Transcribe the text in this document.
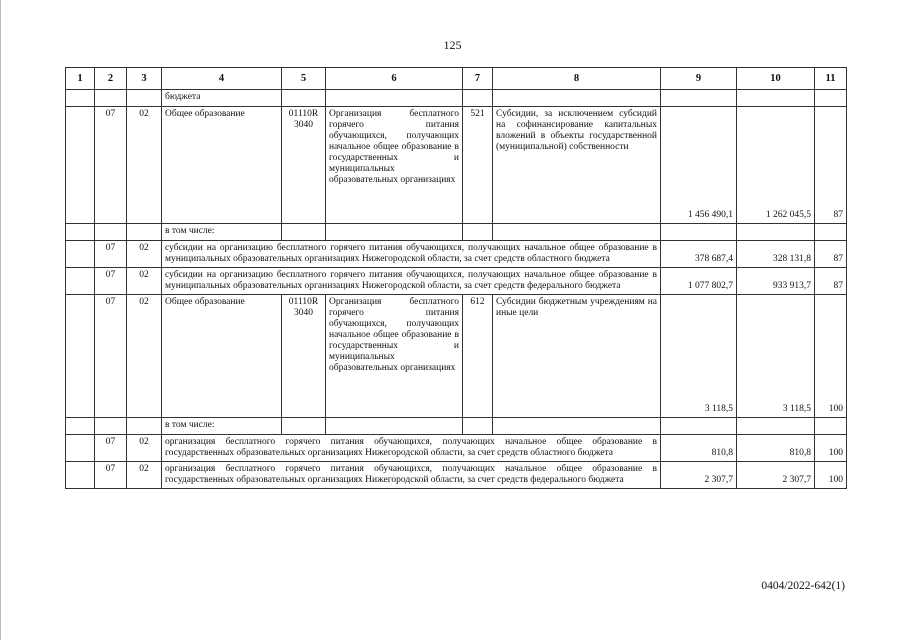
125
1	2	3	4	5	6	7	8	9	10	11
			бюджета							
	07	02	Общее образование	01110R 3040	Организация бесплатного горячего питания обучающихся, получающих начальное общее образование в государственных и муниципальных образовательных организациях	521	Субсидии, за исключением субсидий на софинансирование капитальных вложений в объекты государственной (муниципальной) собственности	1 456 490,1	1 262 045,5	87
			в том числе:							
	07	02	субсидии на организацию бесплатного горячего питания обучающихся, получающих начальное общее образование в муниципальных образовательных организациях Нижегородской области, за счет средств областного бюджета					378 687,4	328 131,8	87
	07	02	субсидии на организацию бесплатного горячего питания обучающихся, получающих начальное общее образование в муниципальных образовательных организациях Нижегородской области, за счет средств федерального бюджета					1 077 802,7	933 913,7	87
	07	02	Общее образование	01110R 3040	Организация бесплатного горячего питания обучающихся, получающих начальное общее образование в государственных и муниципальных образовательных организациях	612	Субсидии бюджетным учреждениям на иные цели	3 118,5	3 118,5	100
			в том числе:							
	07	02	организация бесплатного горячего питания обучающихся, получающих начальное общее образование в государственных образовательных организациях Нижегородской области, за счет средств областного бюджета					810,8	810,8	100
	07	02	организация бесплатного горячего питания обучающихся, получающих начальное общее образование в государственных образовательных организациях Нижегородской области, за счет средств федерального бюджета					2 307,7	2 307,7	100
0404/2022-642(1)
